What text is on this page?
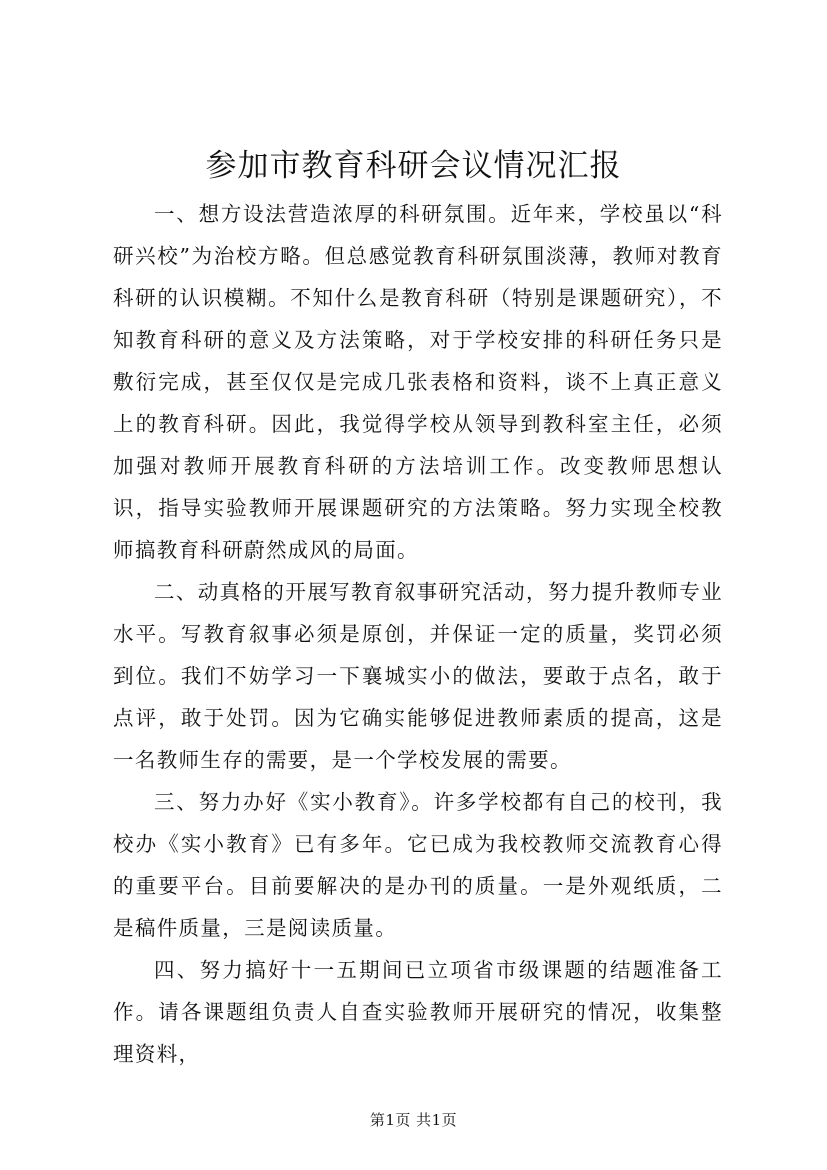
参加市教育科研会议情况汇报

一、想方设法营造浓厚的科研氛围。近年来，学校虽以“科研兴校”为治校方略。但总感觉教育科研氛围淡薄，教师对教育科研的认识模糊。不知什么是教育科研（特别是课题研究），不知教育科研的意义及方法策略，对于学校安排的科研任务只是敷衍完成，甚至仅仅是完成几张表格和资料，谈不上真正意义上的教育科研。因此，我觉得学校从领导到教科室主任，必须加强对教师开展教育科研的方法培训工作。改变教师思想认识，指导实验教师开展课题研究的方法策略。努力实现全校教师搞教育科研蔚然成风的局面。

二、动真格的开展写教育叙事研究活动，努力提升教师专业水平。写教育叙事必须是原创，并保证一定的质量，奖罚必须到位。我们不妨学习一下襄城实小的做法，要敢于点名，敢于点评，敢于处罚。因为它确实能够促进教师素质的提高，这是一名教师生存的需要，是一个学校发展的需要。

三、努力办好《实小教育》。许多学校都有自己的校刊，我校办《实小教育》已有多年。它已成为我校教师交流教育心得的重要平台。目前要解决的是办刊的质量。一是外观纸质，二是稿件质量，三是阅读质量。

四、努力搞好十一五期间已立项省市级课题的结题准备工作。请各课题组负责人自查实验教师开展研究的情况，收集整理资料，

第1页 共1页
